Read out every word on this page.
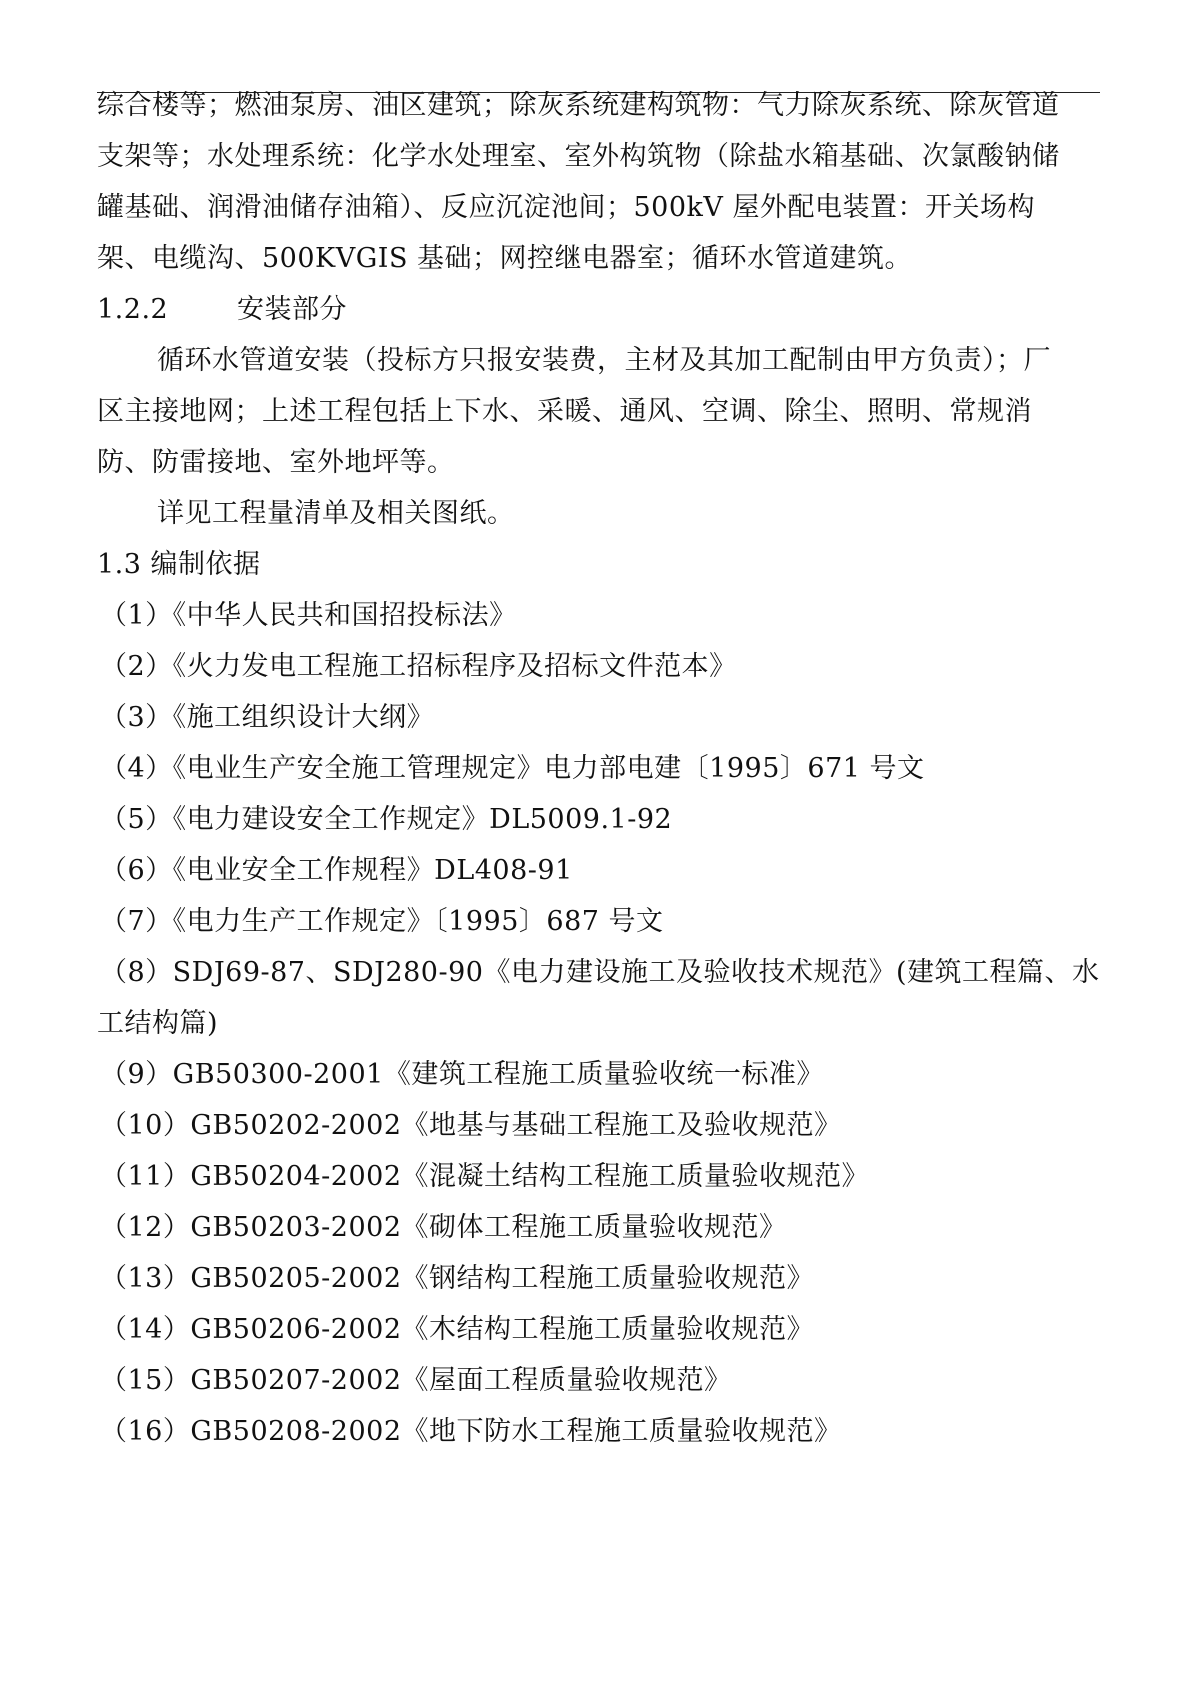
综合楼等；燃油泵房、油区建筑；除灰系统建构筑物：气力除灰系统、除灰管道
支架等；水处理系统：化学水处理室、室外构筑物（除盐水箱基础、次氯酸钠储
罐基础、润滑油储存油箱）、反应沉淀池间；500kV 屋外配电装置：开关场构
架、电缆沟、500KVGIS 基础；网控继电器室；循环水管道建筑。
1.2.2	安装部分
循环水管道安装（投标方只报安装费，主材及其加工配制由甲方负责）；厂
区主接地网；上述工程包括上下水、采暖、通风、空调、除尘、照明、常规消
防、防雷接地、室外地坪等。
详见工程量清单及相关图纸。
1.3 编制依据
（1）《中华人民共和国招投标法》
（2）《火力发电工程施工招标程序及招标文件范本》
（3）《施工组织设计大纲》
（4）《电业生产安全施工管理规定》电力部电建〔1995〕671 号文
（5）《电力建设安全工作规定》DL5009.1-92
（6）《电业安全工作规程》DL408-91
（7）《电力生产工作规定》〔1995〕687 号文
（8）SDJ69-87、SDJ280-90《电力建设施工及验收技术规范》(建筑工程篇、水
工结构篇)
（9）GB50300-2001《建筑工程施工质量验收统一标准》
（10）GB50202-2002《地基与基础工程施工及验收规范》
（11）GB50204-2002《混凝土结构工程施工质量验收规范》
（12）GB50203-2002《砌体工程施工质量验收规范》
（13）GB50205-2002《钢结构工程施工质量验收规范》
（14）GB50206-2002《木结构工程施工质量验收规范》
（15）GB50207-2002《屋面工程质量验收规范》
（16）GB50208-2002《地下防水工程施工质量验收规范》
